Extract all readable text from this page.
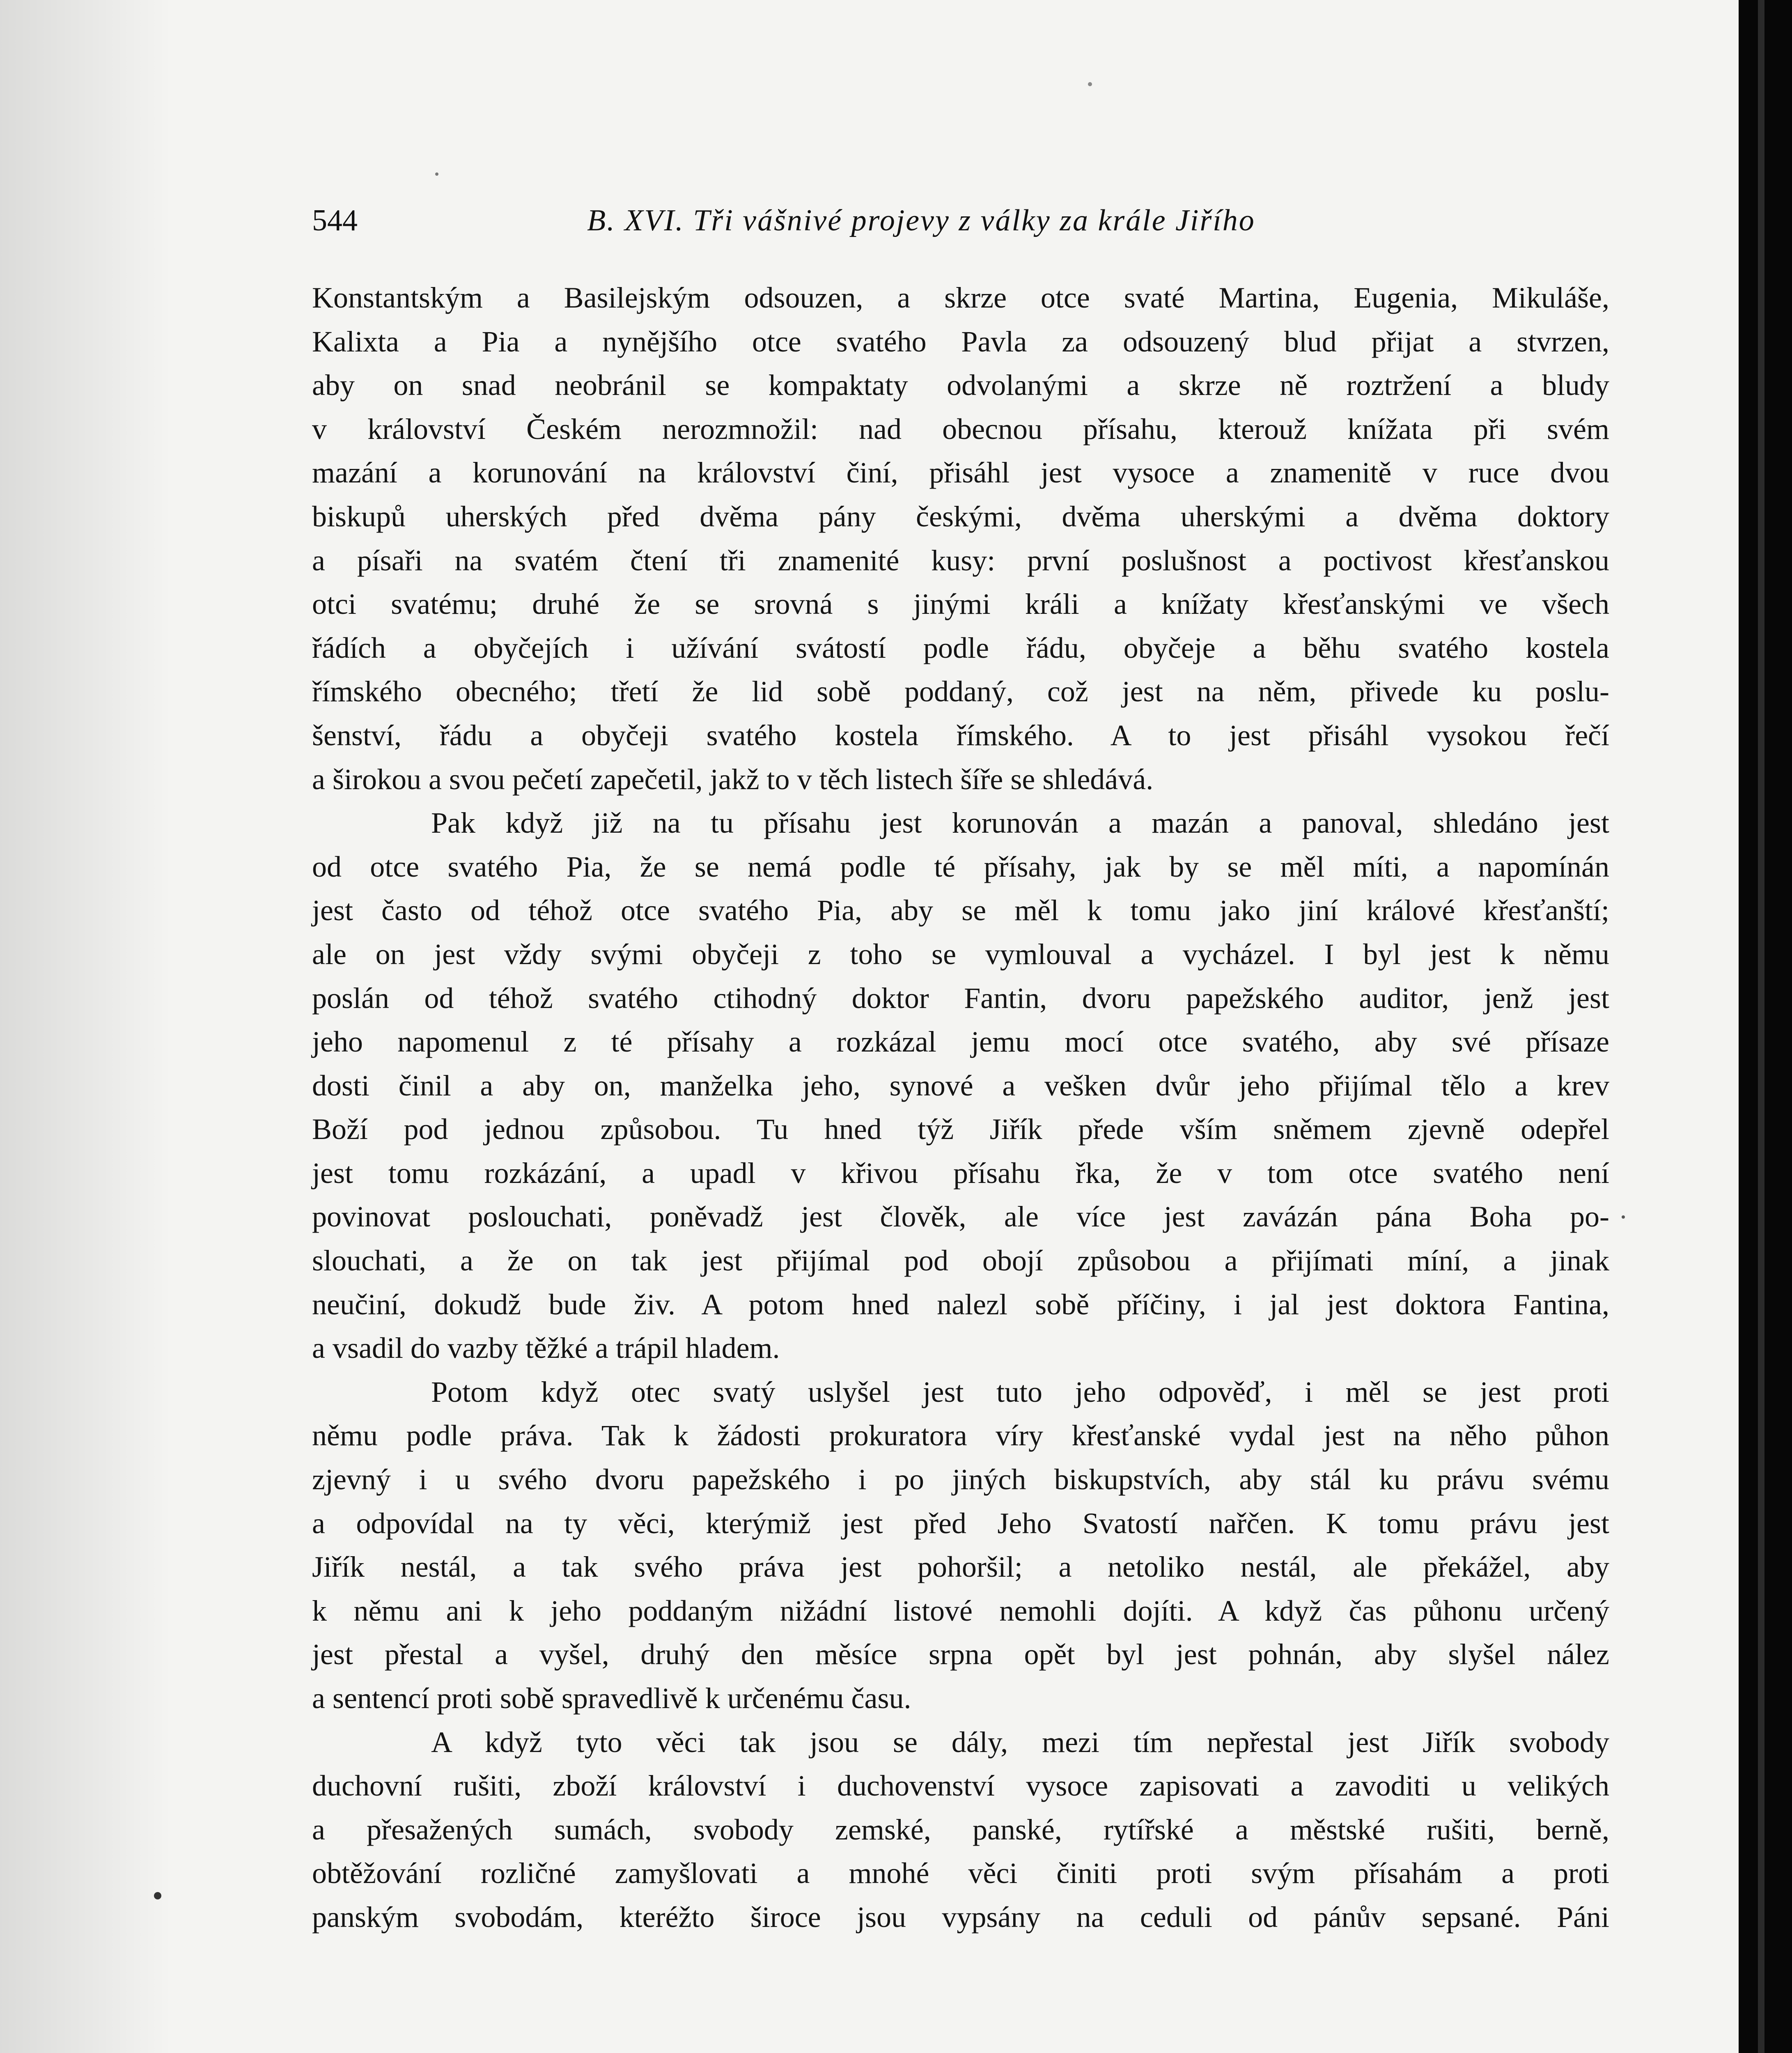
544	B. XVI. Tři vášnivé projevy z války za krále Jiřího
Konstantským a Basilejským odsouzen, a skrze otce svaté Martina, Eugenia, Mikuláše,
Kalixta a Pia a nynějšího otce svatého Pavla za odsouzený blud přijat a stvrzen,
aby on snad neobránil se kompaktaty odvolanými a skrze ně roztržení a bludy
v království Českém nerozmnožil: nad obecnou přísahu, kterouž knížata při svém
mazání a korunování na království činí, přisáhl jest vysoce a znamenitě v ruce dvou
biskupů uherských před dvěma pány českými, dvěma uherskými a dvěma doktory
a písaři na svatém čtení tři znamenité kusy: první poslušnost a poctivost křesťanskou
otci svatému; druhé že se srovná s jinými králi a knížaty křesťanskými ve všech
řádích a obyčejích i užívání svátostí podle řádu, obyčeje a běhu svatého kostela
římského obecného; třetí že lid sobě poddaný, což jest na něm, přivede ku poslu-
šenství, řádu a obyčeji svatého kostela římského. A to jest přisáhl vysokou řečí
a širokou a svou pečetí zapečetil, jakž to v těch listech šíře se shledává.
Pak když již na tu přísahu jest korunován a mazán a panoval, shledáno jest
od otce svatého Pia, že se nemá podle té přísahy, jak by se měl míti, a napomínán
jest často od téhož otce svatého Pia, aby se měl k tomu jako jiní králové křesťanští;
ale on jest vždy svými obyčeji z toho se vymlouval a vycházel. I byl jest k němu
poslán od téhož svatého ctihodný doktor Fantin, dvoru papežského auditor, jenž jest
jeho napomenul z té přísahy a rozkázal jemu mocí otce svatého, aby své přísaze
dosti činil a aby on, manželka jeho, synové a vešken dvůr jeho přijímal tělo a krev
Boží pod jednou způsobou. Tu hned týž Jiřík přede vším sněmem zjevně odepřel
jest tomu rozkázání, a upadl v křivou přísahu řka, že v tom otce svatého není
povinovat poslouchati, poněvadž jest člověk, ale více jest zavázán pána Boha po-
slouchati, a že on tak jest přijímal pod obojí způsobou a přijímati míní, a jinak
neučiní, dokudž bude živ. A potom hned nalezl sobě příčiny, i jal jest doktora Fantina,
a vsadil do vazby těžké a trápil hladem.
Potom když otec svatý uslyšel jest tuto jeho odpověď, i měl se jest proti
němu podle práva. Tak k žádosti prokuratora víry křesťanské vydal jest na něho půhon
zjevný i u svého dvoru papežského i po jiných biskupstvích, aby stál ku právu svému
a odpovídal na ty věci, kterýmiž jest před Jeho Svatostí nařčen. K tomu právu jest
Jiřík nestál, a tak svého práva jest pohoršil; a netoliko nestál, ale překážel, aby
k němu ani k jeho poddaným nižádní listové nemohli dojíti. A když čas půhonu určený
jest přestal a vyšel, druhý den měsíce srpna opět byl jest pohnán, aby slyšel nález
a sentencí proti sobě spravedlivě k určenému času.
A když tyto věci tak jsou se dály, mezi tím nepřestal jest Jiřík svobody
duchovní rušiti, zboží království i duchovenství vysoce zapisovati a zavoditi u velikých
a přesažených sumách, svobody zemské, panské, rytířské a městské rušiti, berně,
obtěžování rozličné zamyšlovati a mnohé věci činiti proti svým přísahám a proti
panským svobodám, kteréžto široce jsou vypsány na ceduli od pánův sepsané. Páni
